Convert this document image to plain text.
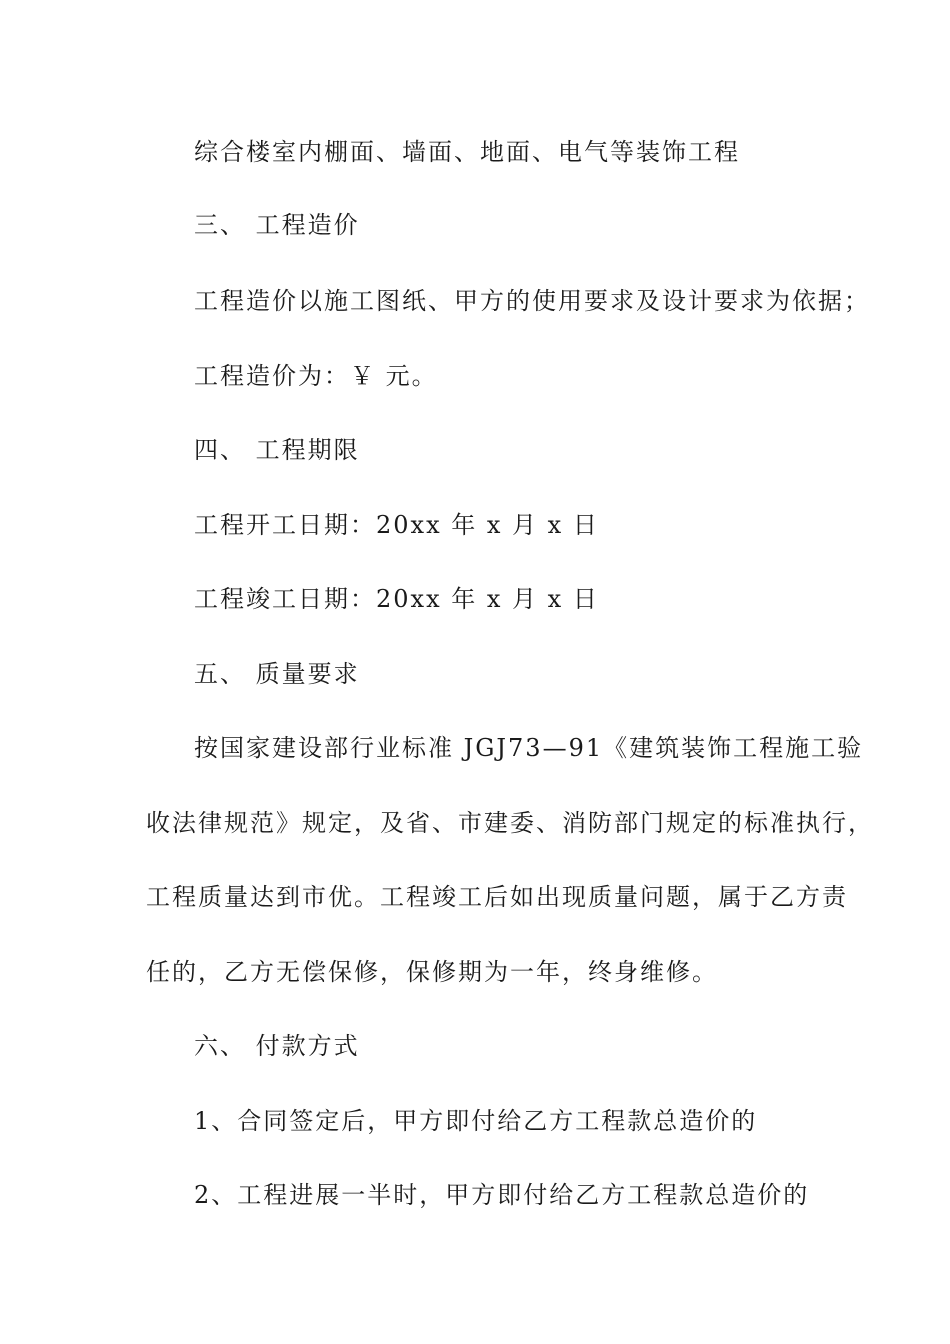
综合楼室内棚面、墙面、地面、电气等装饰工程

三、 工程造价

工程造价以施工图纸、甲方的使用要求及设计要求为依据；

工程造价为：￥ 元。

四、 工程期限

工程开工日期：20xx 年 x 月 x 日

工程竣工日期：20xx 年 x 月 x 日

五、 质量要求

按国家建设部行业标准 JGJ73—91《建筑装饰工程施工验

收法律规范》规定，及省、市建委、消防部门规定的标准执行，

工程质量达到市优。工程竣工后如出现质量问题，属于乙方责

任的，乙方无偿保修，保修期为一年，终身维修。

六、 付款方式

1、合同签定后，甲方即付给乙方工程款总造价的

2、工程进展一半时，甲方即付给乙方工程款总造价的
